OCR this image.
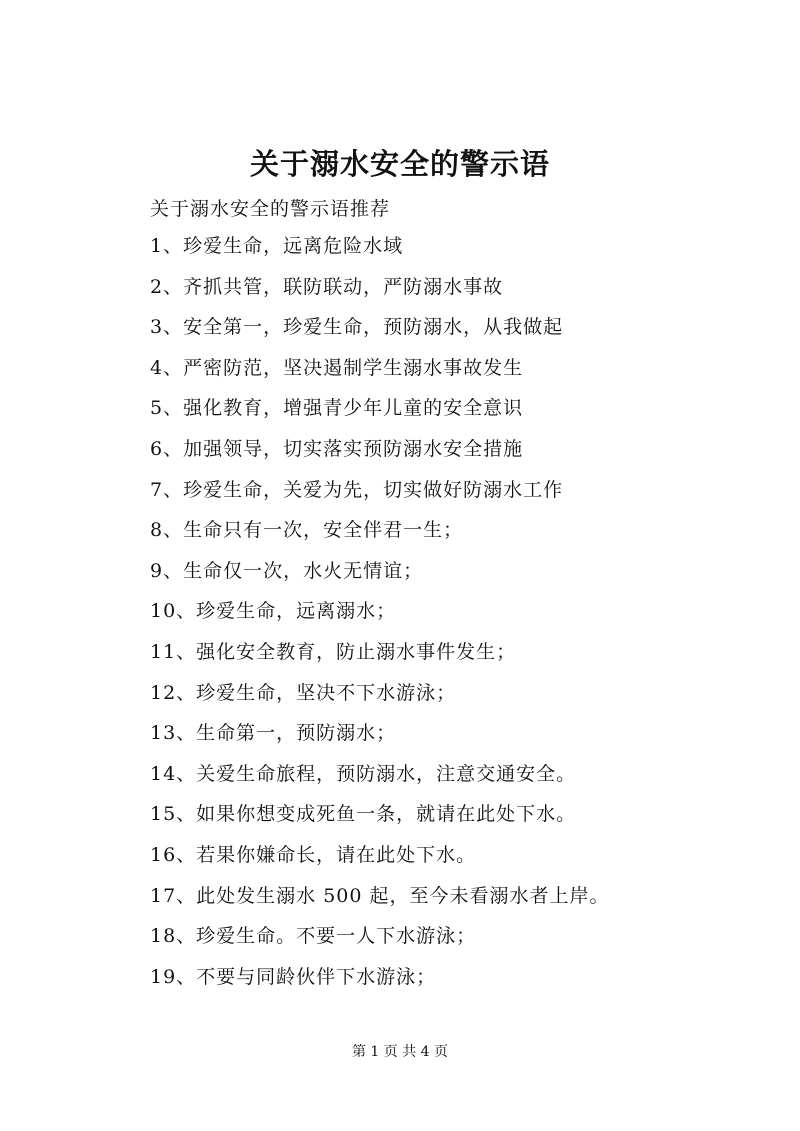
关于溺水安全的警示语
关于溺水安全的警示语推荐
1、珍爱生命，远离危险水域
2、齐抓共管，联防联动，严防溺水事故
3、安全第一，珍爱生命，预防溺水，从我做起
4、严密防范，坚决遏制学生溺水事故发生
5、强化教育，增强青少年儿童的安全意识
6、加强领导，切实落实预防溺水安全措施
7、珍爱生命，关爱为先，切实做好防溺水工作
8、生命只有一次，安全伴君一生；
9、生命仅一次，水火无情谊；
10、珍爱生命，远离溺水；
11、强化安全教育，防止溺水事件发生；
12、珍爱生命，坚决不下水游泳；
13、生命第一，预防溺水；
14、关爱生命旅程，预防溺水，注意交通安全。
15、如果你想变成死鱼一条，就请在此处下水。
16、若果你嫌命长，请在此处下水。
17、此处发生溺水 500 起，至今未看溺水者上岸。
18、珍爱生命。不要一人下水游泳；
19、不要与同龄伙伴下水游泳；
第 1 页 共 4 页
